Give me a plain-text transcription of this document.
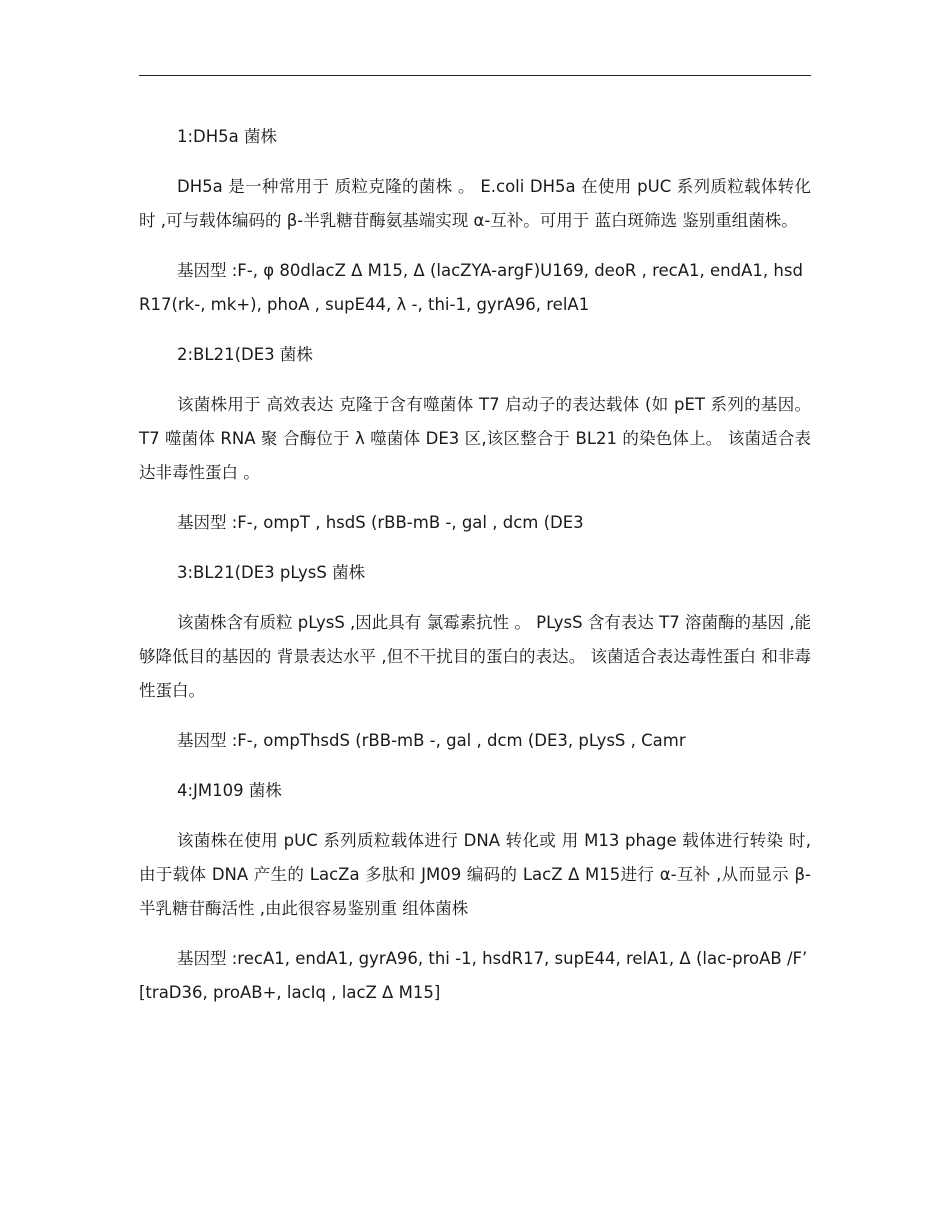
1:DH5a 菌株

DH5a 是一种常用于 质粒克隆的菌株 。 E.coli DH5a 在使用 pUC 系列质粒载体转化时 ,可与载体编码的 β-半乳糖苷酶氨基端实现 α-互补。可用于 蓝白斑筛选 鉴别重组菌株。

基因型 :F-, φ 80dlacZ Δ M15, Δ (lacZYA-argF)U169, deoR , recA1, endA1, hsdR17(rk-, mk+), phoA , supE44, λ -, thi-1, gyrA96, relA1

2:BL21(DE3 菌株

该菌株用于 高效表达 克隆于含有噬菌体 T7 启动子的表达载体 (如 pET 系列的基因。 T7 噬菌体 RNA 聚 合酶位于 λ 噬菌体 DE3 区,该区整合于 BL21 的染色体上。 该菌适合表达非毒性蛋白 。

基因型 :F-, ompT , hsdS (rBB-mB -, gal , dcm (DE3

3:BL21(DE3 pLysS 菌株

该菌株含有质粒 pLysS ,因此具有 氯霉素抗性 。 PLysS 含有表达 T7 溶菌酶的基因 ,能够降低目的基因的 背景表达水平 ,但不干扰目的蛋白的表达。 该菌适合表达毒性蛋白 和非毒性蛋白。

基因型 :F-, ompThsdS (rBB-mB -, gal , dcm (DE3, pLysS , Camr

4:JM109 菌株

该菌株在使用 pUC 系列质粒载体进行 DNA 转化或 用 M13 phage 载体进行转染 时,由于载体 DNA 产生的 LacZa 多肽和 JM09 编码的 LacZ Δ M15进行 α-互补 ,从而显示 β-半乳糖苷酶活性 ,由此很容易鉴别重 组体菌株

基因型 :recA1, endA1, gyrA96, thi -1, hsdR17, supE44, relA1, Δ (lac-proAB /F’ [traD36, proAB+, lacIq , lacZ Δ M15]
